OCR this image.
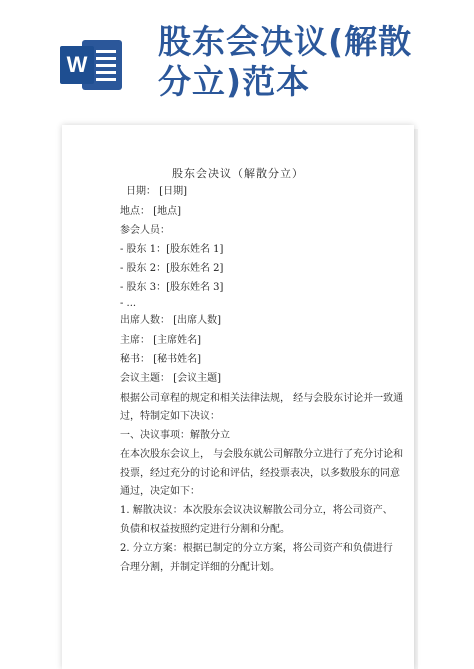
W
股东会决议(解散
分立)范本
股东会决议（解散分立）
日期： [日期]
地点： [地点]
参会人员：
- 股东 1：[股东姓名 1]
- 股东 2：[股东姓名 2]
- 股东 3：[股东姓名 3]
- ...
出席人数： [出席人数]
主席： [主席姓名]
秘书： [秘书姓名]
会议主题： [会议主题]
根据公司章程的规定和相关法律法规， 经与会股东讨论并一致通
过，特制定如下决议：
一、决议事项：解散分立
在本次股东会议上， 与会股东就公司解散分立进行了充分讨论和
投票，经过充分的讨论和评估，经投票表决，以多数股东的同意
通过，决定如下：
1. 解散决议：本次股东会议决议解散公司分立，将公司资产、
负债和权益按照约定进行分割和分配。
2. 分立方案：根据已制定的分立方案，将公司资产和负债进行
合理分割，并制定详细的分配计划。
